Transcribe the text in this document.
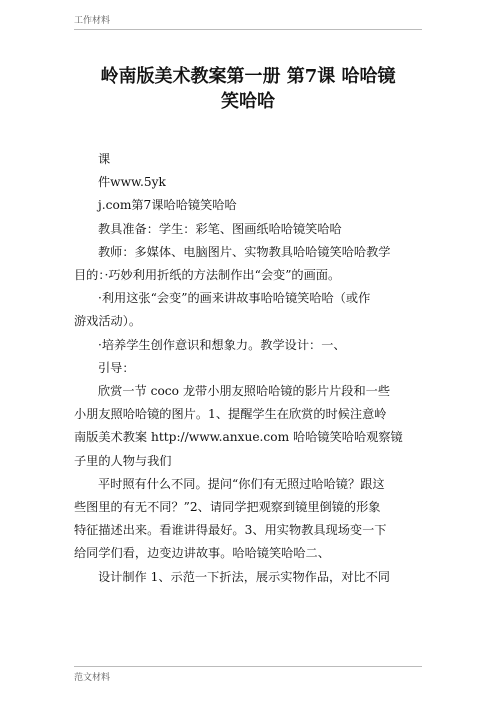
工作材料
岭南版美术教案第一册 第7课 哈哈镜
笑哈哈
课
件www.5yk
j.com第7课哈哈镜笑哈哈
教具准备：学生：彩笔、图画纸哈哈镜笑哈哈
教师：多媒体、电脑图片、实物教具哈哈镜笑哈哈教学
目的：·巧妙利用折纸的方法制作出“会变”的画面。
·利用这张“会变”的画来讲故事哈哈镜笑哈哈（或作
游戏活动）。
·培养学生创作意识和想象力。教学设计：一、
引导：
欣赏一节 coco 龙带小朋友照哈哈镜的影片片段和一些
小朋友照哈哈镜的图片。1、提醒学生在欣赏的时候注意岭
南版美术教案 http://www.anxue.com 哈哈镜笑哈哈观察镜
子里的人物与我们
平时照有什么不同。提问“你们有无照过哈哈镜？跟这
些图里的有无不同？”2、请同学把观察到镜里倒镜的形象
特征描述出来。看谁讲得最好。3、用实物教具现场变一下
给同学们看，边变边讲故事。哈哈镜笑哈哈二、
设计制作 1、示范一下折法，展示实物作品，对比不同
范文材料
